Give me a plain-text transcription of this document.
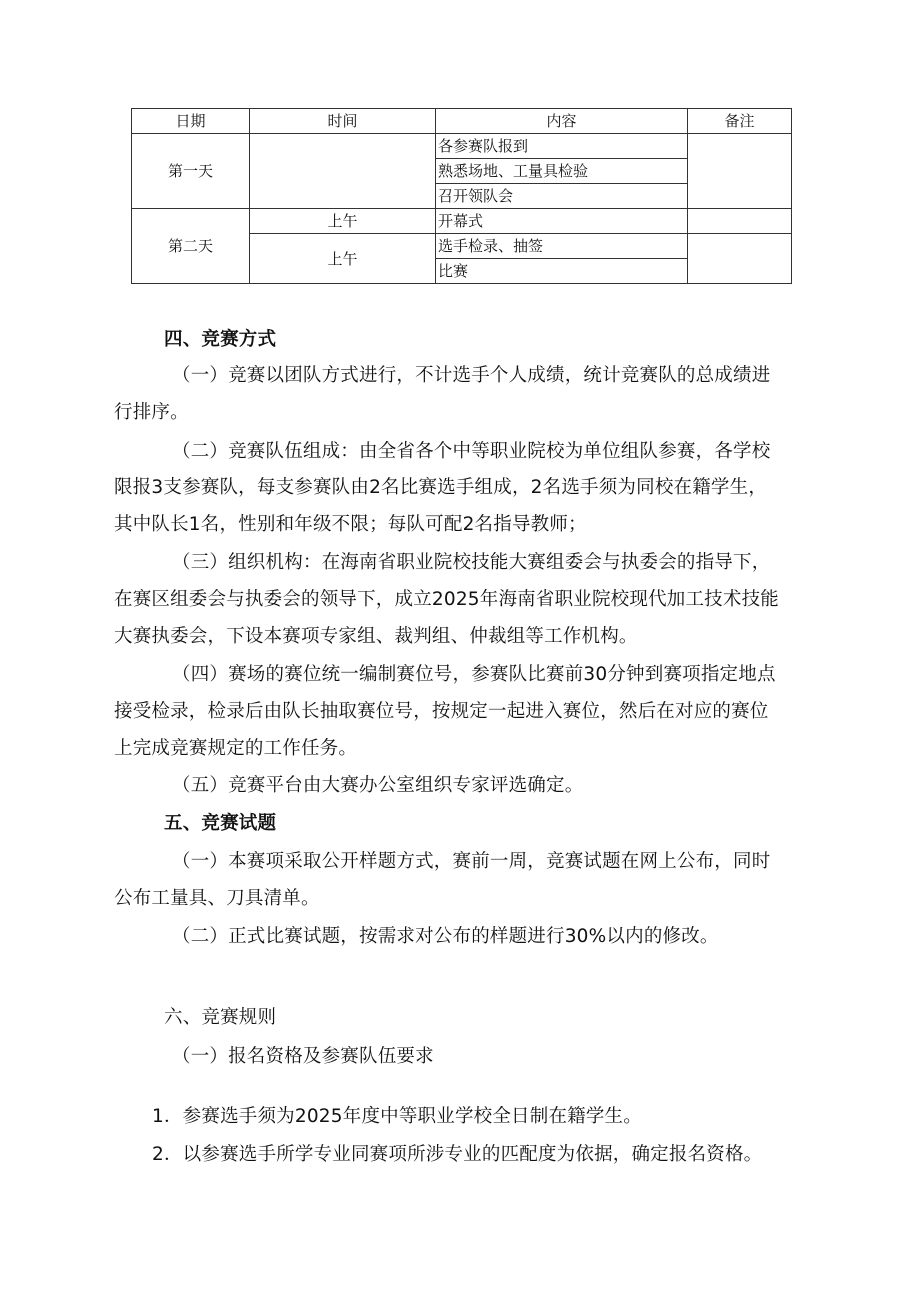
日期	时间	内容	备注
第一天		各参赛队报到	
		熟悉场地、工量具检验	
		召开领队会	
第二天	上午	开幕式	
	上午	选手检录、抽签	
		比赛	

四、竞赛方式

（一）竞赛以团队方式进行，不计选手个人成绩，统计竞赛队的总成绩进

行排序。

（二）竞赛队伍组成：由全省各个中等职业院校为单位组队参赛，各学校

限报3支参赛队，每支参赛队由2名比赛选手组成，2名选手须为同校在籍学生，

其中队长1名，性别和年级不限；每队可配2名指导教师；

（三）组织机构：在海南省职业院校技能大赛组委会与执委会的指导下，

在赛区组委会与执委会的领导下，成立2025年海南省职业院校现代加工技术技能

大赛执委会，下设本赛项专家组、裁判组、仲裁组等工作机构。

（四）赛场的赛位统一编制赛位号，参赛队比赛前30分钟到赛项指定地点

接受检录，检录后由队长抽取赛位号，按规定一起进入赛位，然后在对应的赛位

上完成竞赛规定的工作任务。

（五）竞赛平台由大赛办公室组织专家评选确定。

五、竞赛试题

（一）本赛项采取公开样题方式，赛前一周，竞赛试题在网上公布，同时

公布工量具、刀具清单。

（二）正式比赛试题，按需求对公布的样题进行30%以内的修改。

六、竞赛规则

（一）报名资格及参赛队伍要求

1．参赛选手须为2025年度中等职业学校全日制在籍学生。

2．以参赛选手所学专业同赛项所涉专业的匹配度为依据，确定报名资格。
